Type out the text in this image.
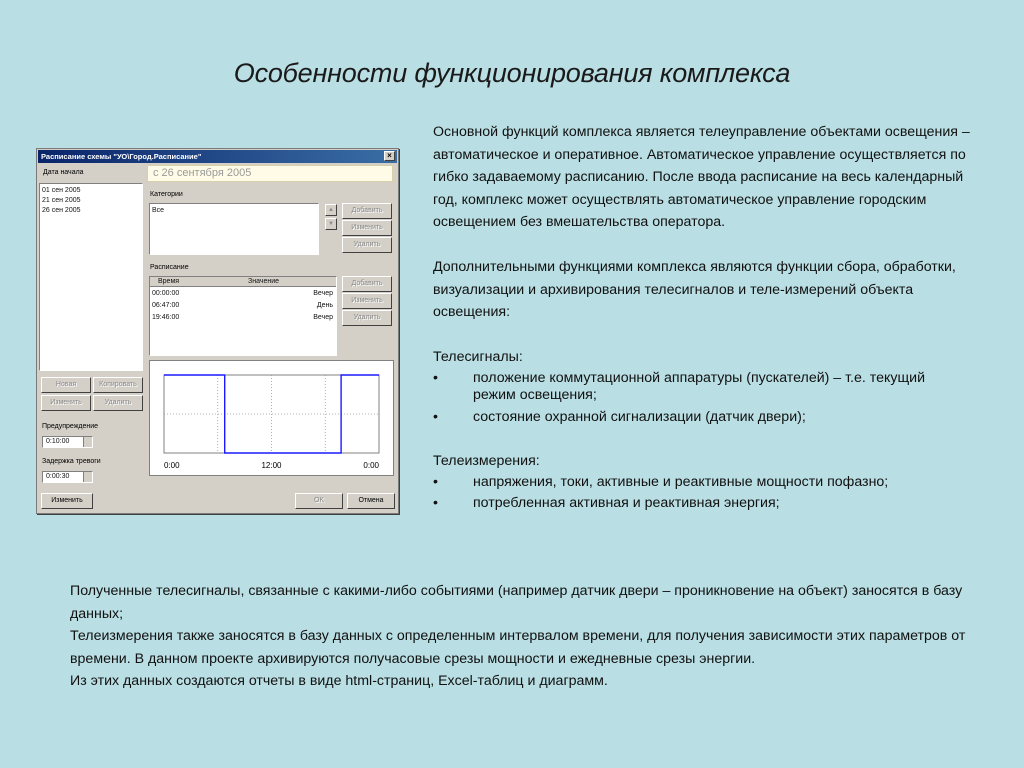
Особенности функционирования комплекса
Расписание схемы "УО\Город.Расписание"	×
Дата начала
01 сен 2005
21 сен 2005
26 сен 2005
Новая	Копировать
Изменить	Удалить
Предупреждение
0:10:00
Задержка тревоги
0:00:30
с 26 сентября 2005
Категории
Все	▲
▼
Добавить
Изменить
Удалить
Расписание
Время	Значение
00:00:00	Вечер
06:47:00	День
19:46:00	Вечер
Добавить
Изменить
Удалить
0:00	12:00	0:00
Изменить	OK	Отмена

Основной функций комплекса является телеуправление объектами освещения – автоматическое и оперативное. Автоматическое управление осуществляется по гибко задаваемому расписанию. После ввода расписание на весь календарный год, комплекс может осуществлять автоматическое управление городским освещением без вмешательства оператора.

Дополнительными функциями комплекса являются функции сбора, обработки, визуализации и архивирования телесигналов и теле-измерений объекта освещения:

Телесигналы:

• положение коммутационной аппаратуры (пускателей) – т.е. текущий режим освещения;
• состояние охранной сигнализации (датчик двери);

Телеизмерения:

• напряжения, токи, активные и реактивные мощности пофазно;
• потребленная активная и реактивная энергия;

Полученные телесигналы, связанные с какими-либо событиями (например датчик двери – проникновение на объект) заносятся в базу данных;

Телеизмерения также заносятся в базу данных с определенным интервалом времени, для получения зависимости этих параметров от времени. В данном проекте архивируются получасовые срезы мощности и ежедневные срезы энергии.

Из этих данных создаются отчеты в виде html-страниц, Excel-таблиц и диаграмм.
